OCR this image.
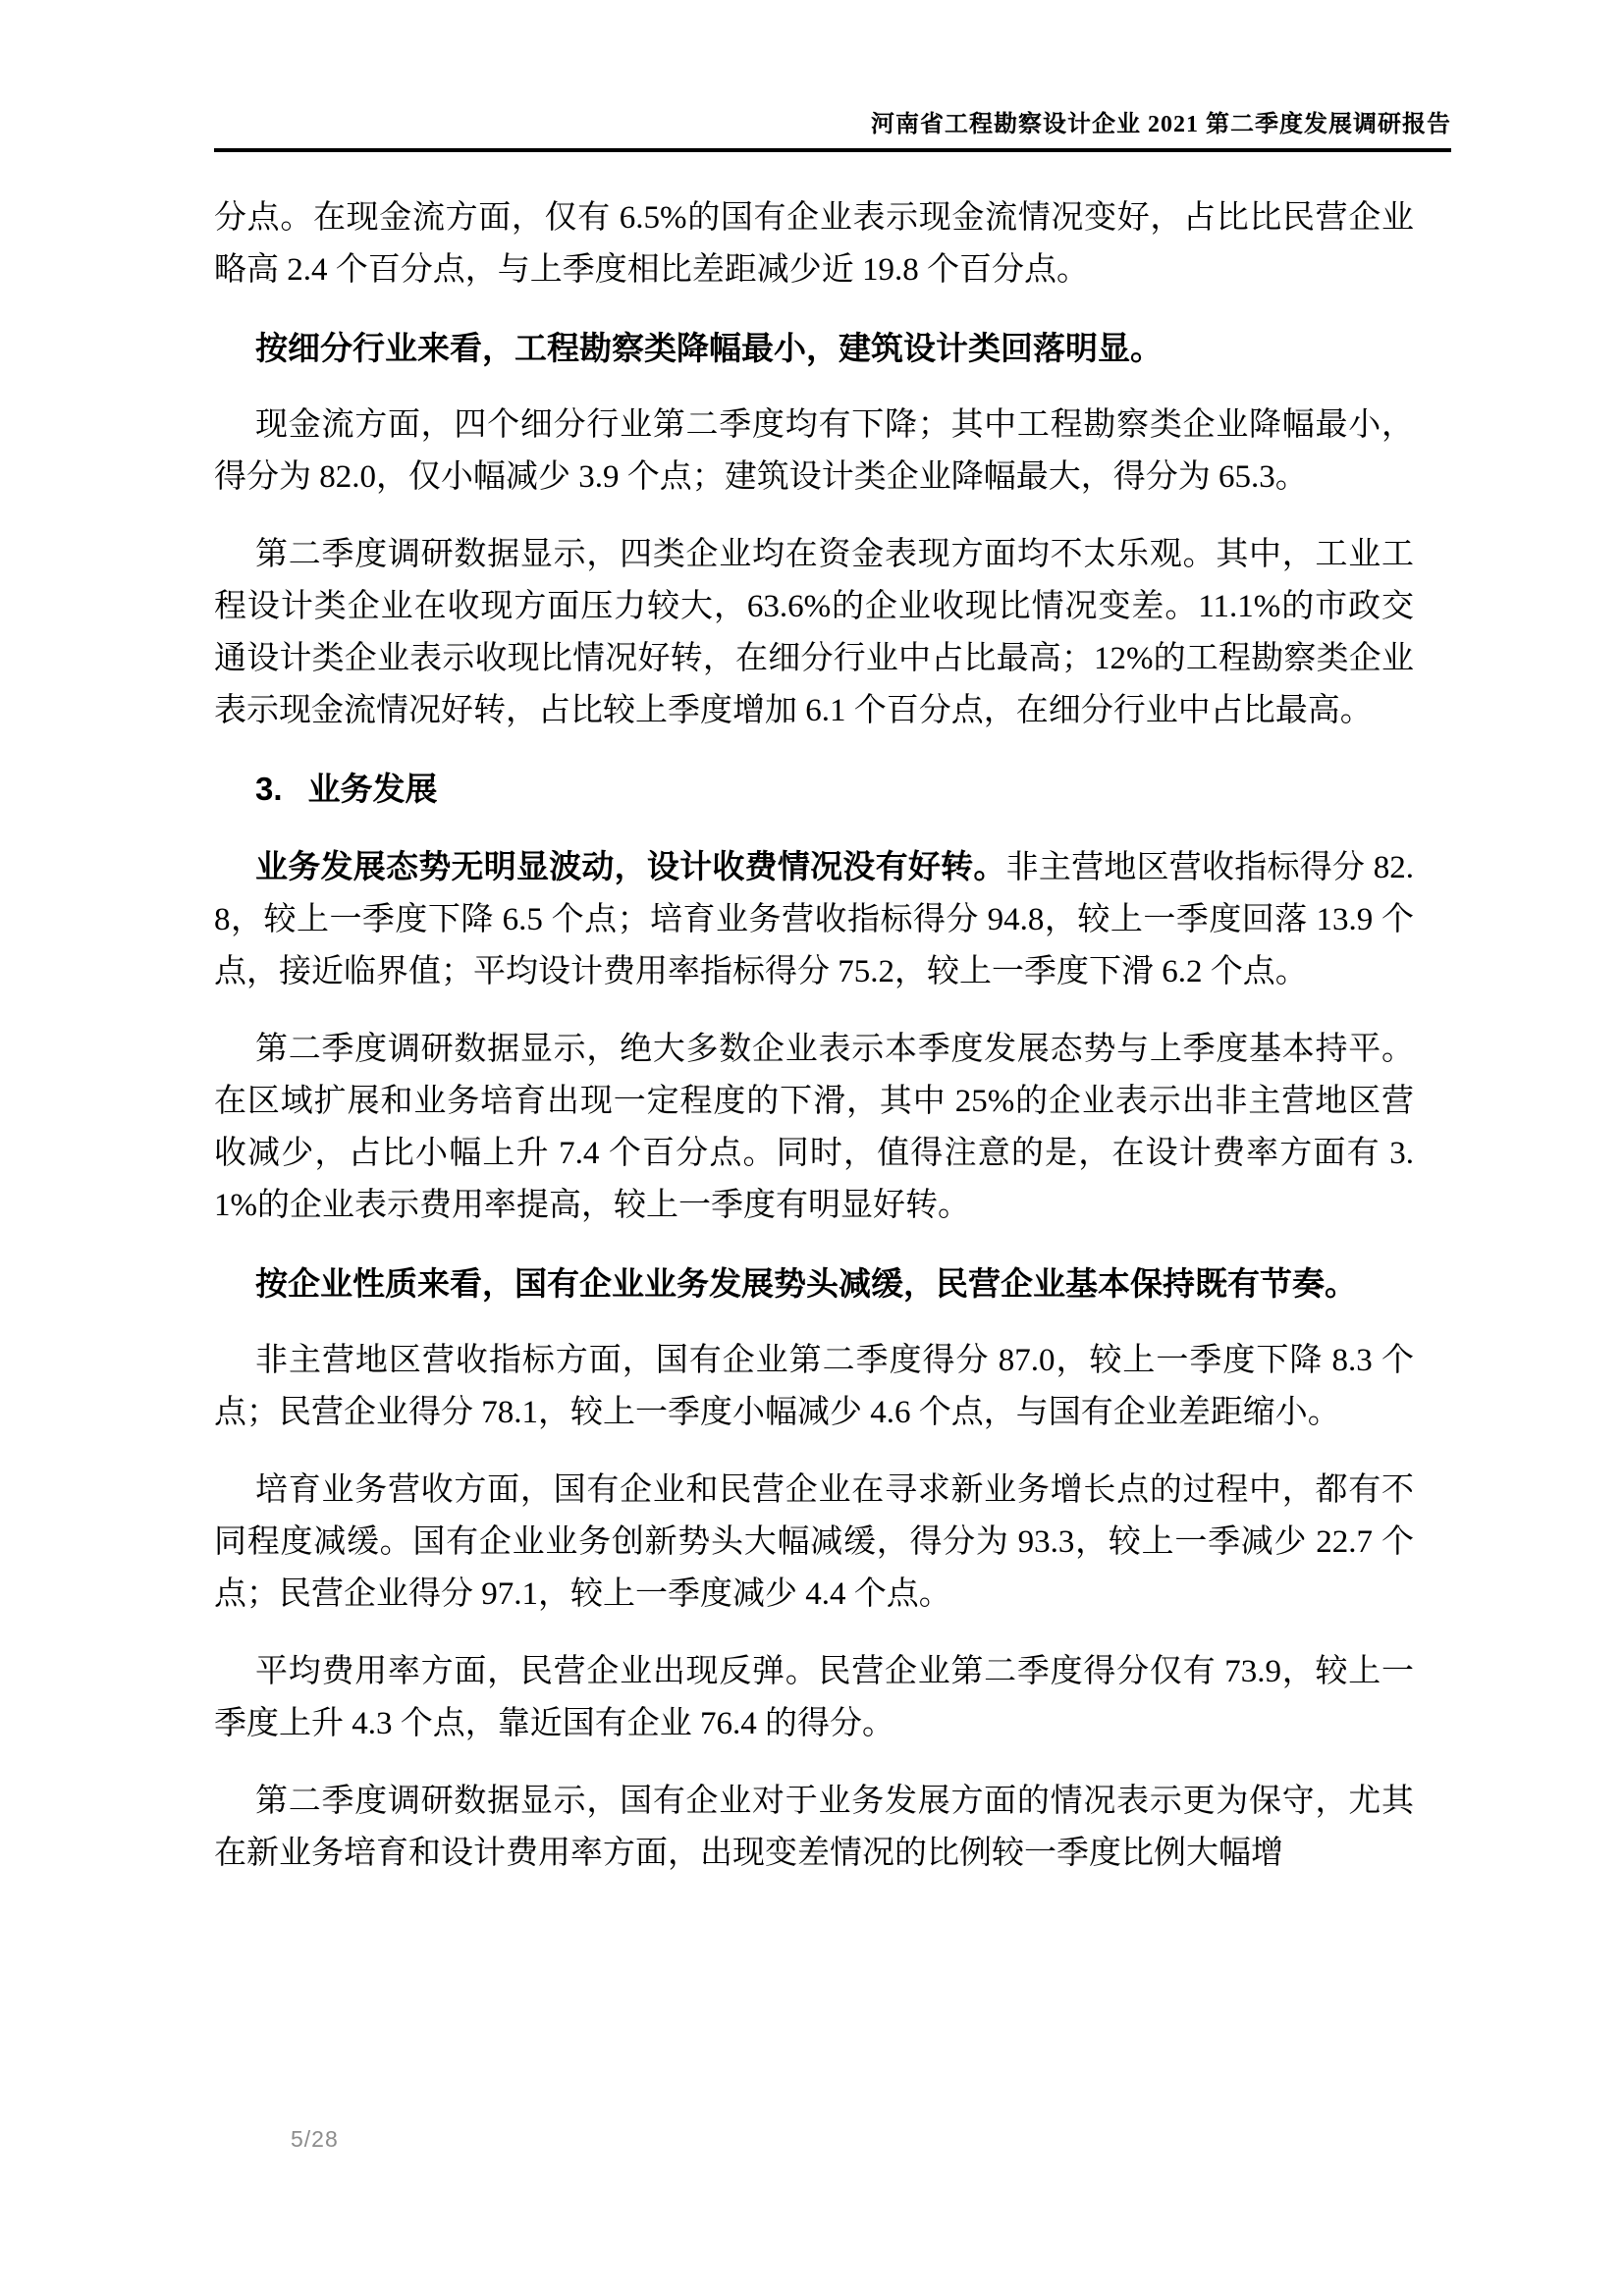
河南省工程勘察设计企业 2021 第二季度发展调研报告

分点。在现金流方面，仅有 6.5%的国有企业表示现金流情况变好，占比比民营企业略高 2.4 个百分点，与上季度相比差距减少近 19.8 个百分点。

按细分行业来看，工程勘察类降幅最小，建筑设计类回落明显。

现金流方面，四个细分行业第二季度均有下降；其中工程勘察类企业降幅最小，得分为 82.0，仅小幅减少 3.9 个点；建筑设计类企业降幅最大，得分为 65.3。

第二季度调研数据显示，四类企业均在资金表现方面均不太乐观。其中，工业工程设计类企业在收现方面压力较大，63.6%的企业收现比情况变差。11.1%的市政交通设计类企业表示收现比情况好转，在细分行业中占比最高；12%的工程勘察类企业表示现金流情况好转，占比较上季度增加 6.1 个百分点，在细分行业中占比最高。

3. 业务发展

业务发展态势无明显波动，设计收费情况没有好转。非主营地区营收指标得分 82.8，较上一季度下降 6.5 个点；培育业务营收指标得分 94.8，较上一季度回落 13.9 个点，接近临界值；平均设计费用率指标得分 75.2，较上一季度下滑 6.2 个点。

第二季度调研数据显示，绝大多数企业表示本季度发展态势与上季度基本持平。在区域扩展和业务培育出现一定程度的下滑，其中 25%的企业表示出非主营地区营收减少，占比小幅上升 7.4 个百分点。同时，值得注意的是，在设计费率方面有 3.1%的企业表示费用率提高，较上一季度有明显好转。

按企业性质来看，国有企业业务发展势头减缓，民营企业基本保持既有节奏。

非主营地区营收指标方面，国有企业第二季度得分 87.0，较上一季度下降 8.3 个点；民营企业得分 78.1，较上一季度小幅减少 4.6 个点，与国有企业差距缩小。

培育业务营收方面，国有企业和民营企业在寻求新业务增长点的过程中，都有不同程度减缓。国有企业业务创新势头大幅减缓，得分为 93.3，较上一季减少 22.7 个点；民营企业得分 97.1，较上一季度减少 4.4 个点。

平均费用率方面，民营企业出现反弹。民营企业第二季度得分仅有 73.9，较上一季度上升 4.3 个点，靠近国有企业 76.4 的得分。

第二季度调研数据显示，国有企业对于业务发展方面的情况表示更为保守，尤其在新业务培育和设计费用率方面，出现变差情况的比例较一季度比例大幅增

5/28
